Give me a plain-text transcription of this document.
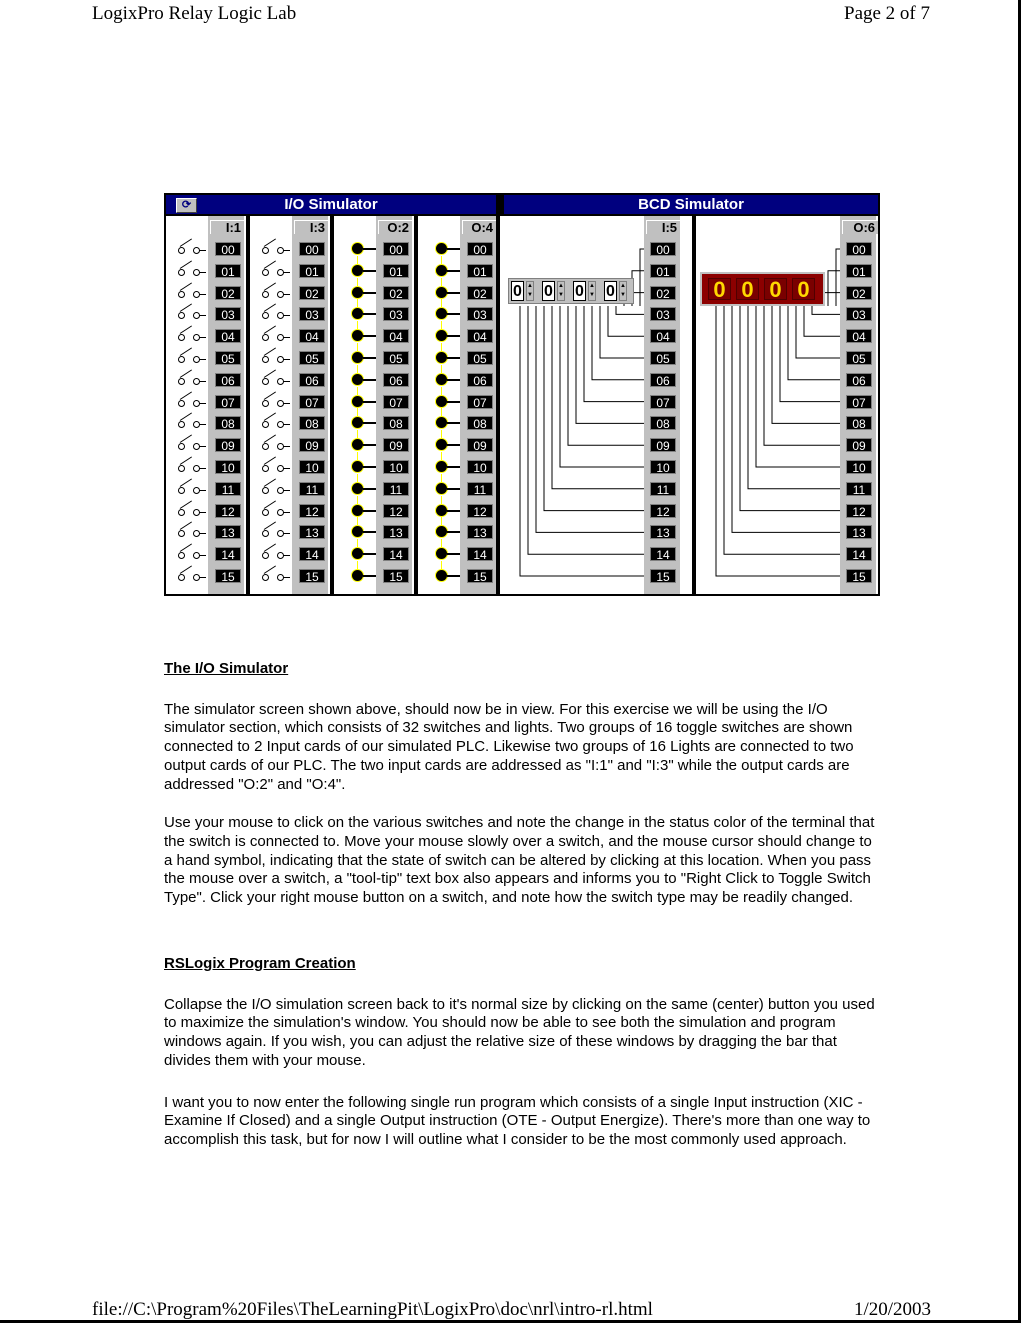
LogixPro Relay Logic Lab	Page 2 of 7
⟳	I/O Simulator	BCD Simulator
I:1
00
01
02
03
04
05
06
07
08
09
10
11
12
13
14
15
I:3
00
01
02
03
04
05
06
07
08
09
10
11
12
13
14
15
O:2
00
01
02
03
04
05
06
07
08
09
10
11
12
13
14
15
O:4
00
01
02
03
04
05
06
07
08
09
10
11
12
13
14
15
0 ▲
▼ 0 ▲
▼ 0 ▲
▼ 0 ▲
▼	0 0 0 0
I:5	O:6
00	00
01	01
02	02
03	03
04	04
05	05
06	06
07	07
08	08
09	09
10	10
11	11
12	12
13	13
14	14
15	15
The I/O Simulator

The simulator screen shown above, should now be in view. For this exercise we will be using the I/O simulator section, which consists of 32 switches and lights. Two groups of 16 toggle switches are shown connected to 2 Input cards of our simulated PLC. Likewise two groups of 16 Lights are connected to two output cards of our PLC. The two input cards are addressed as "I:1" and "I:3" while the output cards are addressed "O:2" and "O:4".

Use your mouse to click on the various switches and note the change in the status color of the terminal that the switch is connected to. Move your mouse slowly over a switch, and the mouse cursor should change to a hand symbol, indicating that the state of switch can be altered by clicking at this location. When you pass the mouse over a switch, a "tool-tip" text box also appears and informs you to "Right Click to Toggle Switch Type". Click your right mouse button on a switch, and note how the switch type may be readily changed.

RSLogix Program Creation

Collapse the I/O simulation screen back to it's normal size by clicking on the same (center) button you used to maximize the simulation's window. You should now be able to see both the simulation and program windows again. If you wish, you can adjust the relative size of these windows by dragging the bar that divides them with your mouse.

I want you to now enter the following single run program which consists of a single Input instruction (XIC - Examine If Closed) and a single Output instruction (OTE - Output Energize). There's more than one way to accomplish this task, but for now I will outline what I consider to be the most commonly used approach.

file://C:\Program%20Files\TheLearningPit\LogixPro\doc\nrl\intro-rl.html	1/20/2003
